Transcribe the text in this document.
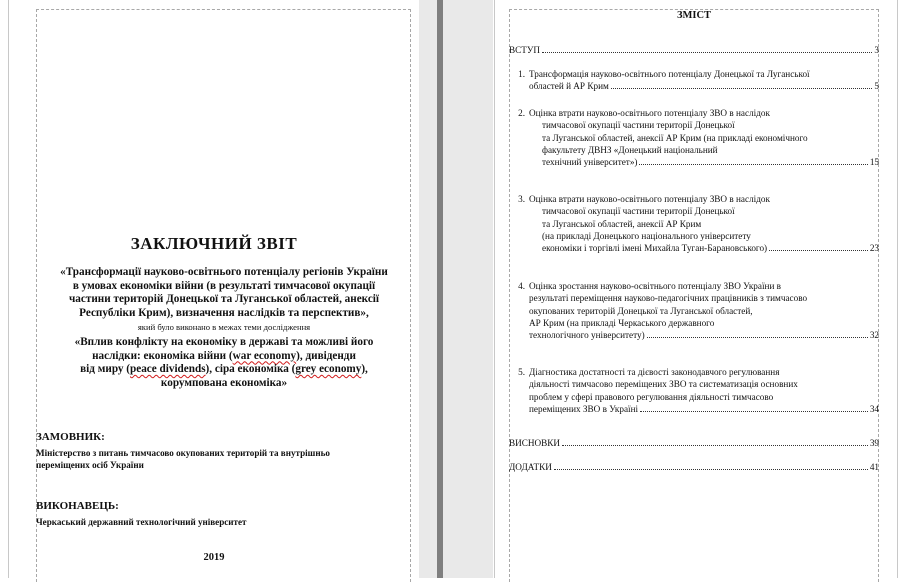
ЗАКЛЮЧНИЙ ЗВІТ
«Трансформації науково-освітнього потенціалу регіонів України
в умовах економіки війни (в результаті тимчасової окупації
частини територій Донецької та Луганської областей, анексії
Республіки Крим), визначення наслідків та перспектив»,
який було виконано в межах теми дослідження
«Вплив конфлікту на економіку в державі та можливі його
наслідки: економіка війни (war economy), дивіденди
від миру (peace dividends), сіра економіка (grey economy),
корумпована економіка»
ЗАМОВНИК:
Міністерство з питань тимчасово окупованих територій та внутрішньо
переміщених осіб України
ВИКОНАВЕЦЬ:
Черкаський державний технологічний університет
2019
ЗМІСТ
ВСТУП	3
1. Трансформація науково-освітнього потенціалу Донецької та Луганської
областей й АР Крим	5
2. Оцінка втрати науково-освітнього потенціалу ЗВО в наслідок
тимчасової окупації частини території Донецької
та Луганської областей, анексії АР Крим (на прикладі економічного
факультету ДВНЗ «Донецький національний
технічний університет»)	15
3. Оцінка втрати науково-освітнього потенціалу ЗВО в наслідок
тимчасової окупації частини території Донецької
та Луганської областей, анексії АР Крим
(на прикладі Донецького національного університету
економіки і торгівлі імені Михайла Туган-Барановського)	23
4. Оцінка зростання науково-освітнього потенціалу ЗВО України в
результаті переміщення науково-педагогічних працівників з тимчасово
окупованих територій Донецької та Луганської областей,
АР Крим (на прикладі Черкаського державного
технологічного університету)	32
5. Діагностика достатності та дієвості законодавчого регулювання
діяльності тимчасово переміщених ЗВО та систематизація основних
проблем у сфері правового регулювання діяльності тимчасово
переміщених ЗВО в Україні	34
ВИСНОВКИ	39
ДОДАТКИ	41
